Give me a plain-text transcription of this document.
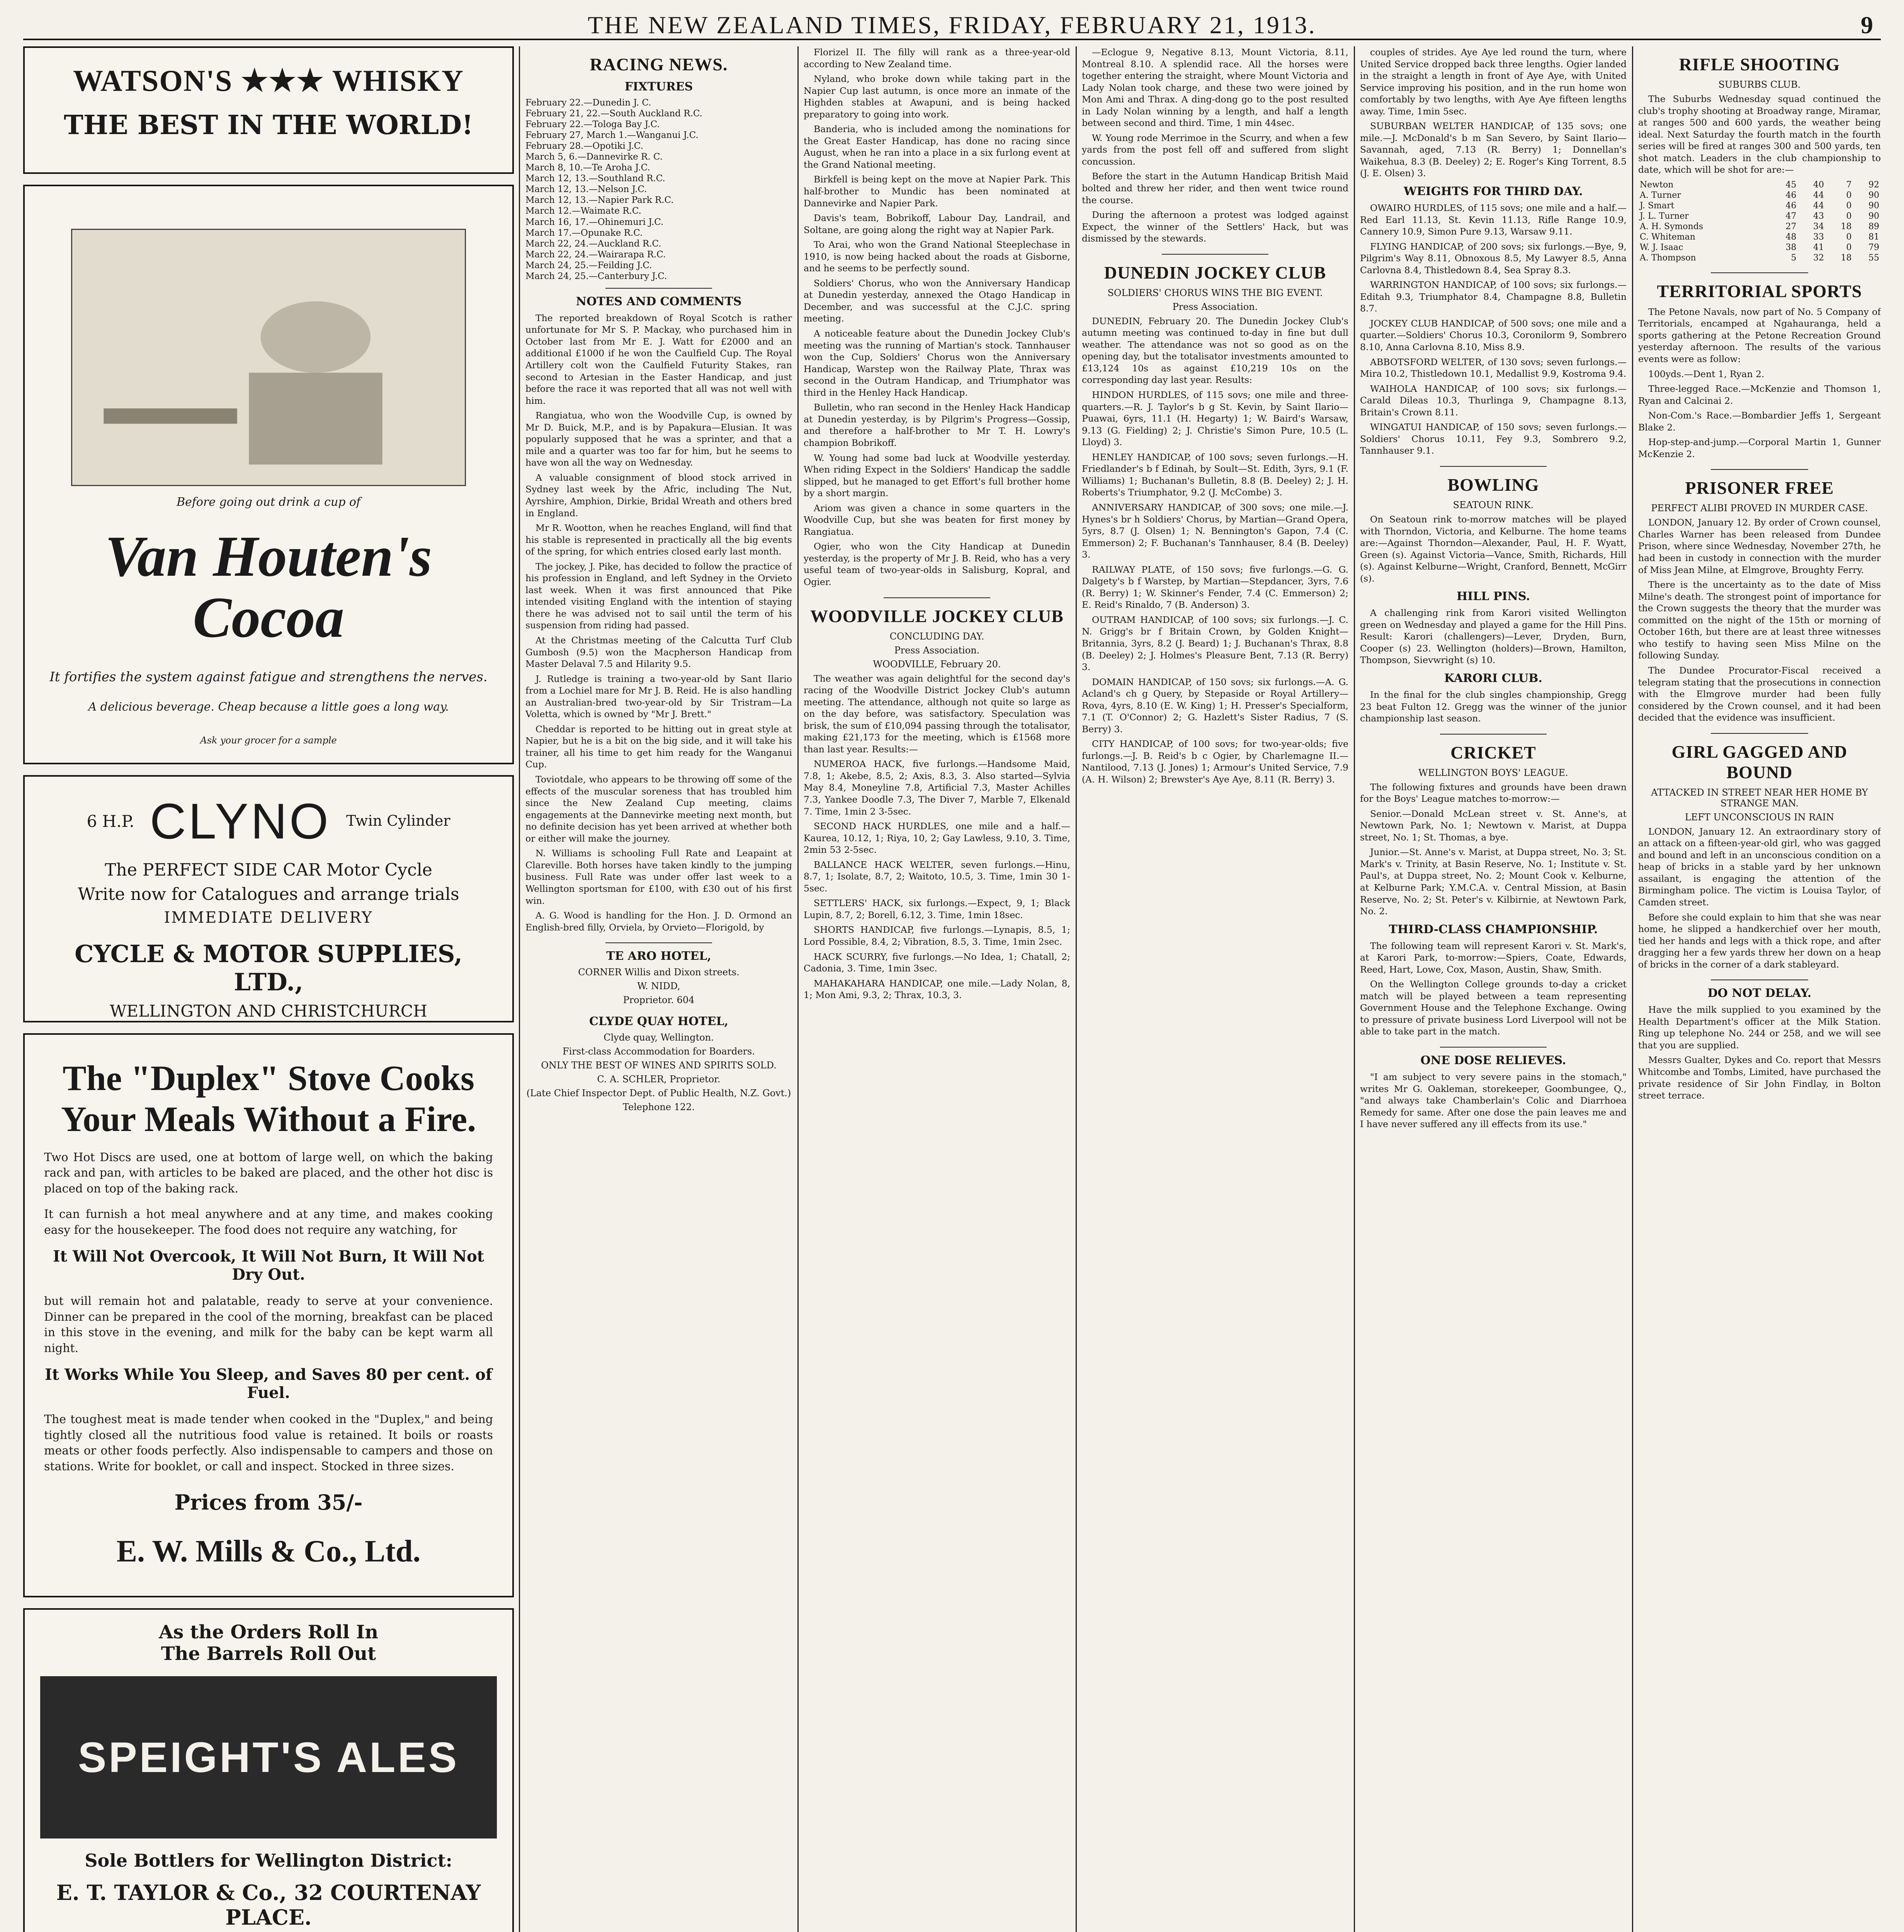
THE NEW ZEALAND TIMES, FRIDAY, FEBRUARY 21, 1913.	9
WATSON'S ★★★ WHISKY
THE BEST IN THE WORLD!
Before going out drink a cup of
Van Houten's Cocoa
It fortifies the system against fatigue and strengthens the nerves.
A delicious beverage. Cheap because a little goes a long way.
Ask your grocer for a sample
6 H.P. CLYNO Twin Cylinder
The PERFECT SIDE CAR Motor Cycle
Write now for Catalogues and arrange trials
IMMEDIATE DELIVERY
CYCLE & MOTOR SUPPLIES, LTD.,
WELLINGTON AND CHRISTCHURCH
The "Duplex" Stove Cooks Your Meals Without a Fire.

Two Hot Discs are used, one at bottom of large well, on which the baking rack and pan, with articles to be baked are placed, and the other hot disc is placed on top of the baking rack.

It can furnish a hot meal anywhere and at any time, and makes cooking easy for the housekeeper. The food does not require any watching, for

It Will Not Overcook, It Will Not Burn, It Will Not Dry Out.

but will remain hot and palatable, ready to serve at your convenience. Dinner can be prepared in the cool of the morning, breakfast can be placed in this stove in the evening, and milk for the baby can be kept warm all night.

It Works While You Sleep, and Saves 80 per cent. of Fuel.

The toughest meat is made tender when cooked in the "Duplex," and being tightly closed all the nutritious food value is retained. It boils or roasts meats or other foods perfectly. Also indispensable to campers and those on stations. Write for booklet, or call and inspect. Stocked in three sizes.

Prices from 35/-
E. W. Mills & Co., Ltd.
As the Orders Roll In
The Barrels Roll Out
SPEIGHT'S ALES
Sole Bottlers for Wellington District:
E. T. TAYLOR & Co., 32 COURTENAY PLACE.
RACING NEWS.
FIXTURES
February 22.—Dunedin J. C.
February 21, 22.—South Auckland R.C.
February 22.—Tologa Bay J.C.
February 27, March 1.—Wanganui J.C.
February 28.—Opotiki J.C.
March 5, 6.—Dannevirke R. C.
March 8, 10.—Te Aroha J.C.
March 12, 13.—Southland R.C.
March 12, 13.—Nelson J.C.
March 12, 13.—Napier Park R.C.
March 12.—Waimate R.C.
March 16, 17.—Ohinemuri J.C.
March 17.—Opunake R.C.
March 22, 24.—Auckland R.C.
March 22, 24.—Wairarapa R.C.
March 24, 25.—Feilding J.C.
March 24, 25.—Canterbury J.C.
NOTES AND COMMENTS

The reported breakdown of Royal Scotch is rather unfortunate for Mr S. P. Mackay, who purchased him in October last from Mr E. J. Watt for £2000 and an additional £1000 if he won the Caulfield Cup. The Royal Artillery colt won the Caulfield Futurity Stakes, ran second to Artesian in the Easter Handicap, and just before the race it was reported that all was not well with him.

Rangiatua, who won the Woodville Cup, is owned by Mr D. Buick, M.P., and is by Papakura—Elusian. It was popularly supposed that he was a sprinter, and that a mile and a quarter was too far for him, but he seems to have won all the way on Wednesday.

A valuable consignment of blood stock arrived in Sydney last week by the Afric, including The Nut, Ayrshire, Amphion, Dirkie, Bridal Wreath and others bred in England.

Mr R. Wootton, when he reaches England, will find that his stable is represented in practically all the big events of the spring, for which entries closed early last month.

The jockey, J. Pike, has decided to follow the practice of his profession in England, and left Sydney in the Orvieto last week. When it was first announced that Pike intended visiting England with the intention of staying there he was advised not to sail until the term of his suspension from riding had passed.

At the Christmas meeting of the Calcutta Turf Club Gumbosh (9.5) won the Macpherson Handicap from Master Delaval 7.5 and Hilarity 9.5.

J. Rutledge is training a two-year-old by Sant Ilario from a Lochiel mare for Mr J. B. Reid. He is also handling an Australian-bred two-year-old by Sir Tristram—La Voletta, which is owned by "Mr J. Brett."

Cheddar is reported to be hitting out in great style at Napier, but he is a bit on the big side, and it will take his trainer, all his time to get him ready for the Wanganui Cup.

Toviotdale, who appears to be throwing off some of the effects of the muscular soreness that has troubled him since the New Zealand Cup meeting, claims engagements at the Dannevirke meeting next month, but no definite decision has yet been arrived at whether both or either will make the journey.

N. Williams is schooling Full Rate and Leapaint at Clareville. Both horses have taken kindly to the jumping business. Full Rate was under offer last week to a Wellington sportsman for £100, with £30 out of his first win.

A. G. Wood is handling for the Hon. J. D. Ormond an English-bred filly, Orviela, by Orvieto—Florigold, by

TE ARO HOTEL,
CORNER Willis and Dixon streets.
W. NIDD,
Proprietor. 604
CLYDE QUAY HOTEL,
Clyde quay, Wellington.
First-class Accommodation for Boarders.
ONLY THE BEST OF WINES AND SPIRITS SOLD.
C. A. SCHLER, Proprietor.
(Late Chief Inspector Dept. of Public Health, N.Z. Govt.)
Telephone 122.

Florizel II. The filly will rank as a three-year-old according to New Zealand time.

Nyland, who broke down while taking part in the Napier Cup last autumn, is once more an inmate of the Highden stables at Awapuni, and is being hacked preparatory to going into work.

Banderia, who is included among the nominations for the Great Easter Handicap, has done no racing since August, when he ran into a place in a six furlong event at the Grand National meeting.

Birkfell is being kept on the move at Napier Park. This half-brother to Mundic has been nominated at Dannevirke and Napier Park.

Davis's team, Bobrikoff, Labour Day, Landrail, and Soltane, are going along the right way at Napier Park.

To Arai, who won the Grand National Steeplechase in 1910, is now being hacked about the roads at Gisborne, and he seems to be perfectly sound.

Soldiers' Chorus, who won the Anniversary Handicap at Dunedin yesterday, annexed the Otago Handicap in December, and was successful at the C.J.C. spring meeting.

A noticeable feature about the Dunedin Jockey Club's meeting was the running of Martian's stock. Tannhauser won the Cup, Soldiers' Chorus won the Anniversary Handicap, Warstep won the Railway Plate, Thrax was second in the Outram Handicap, and Triumphator was third in the Henley Hack Handicap.

Bulletin, who ran second in the Henley Hack Handicap at Dunedin yesterday, is by Pilgrim's Progress—Gossip, and therefore a half-brother to Mr T. H. Lowry's champion Bobrikoff.

W. Young had some bad luck at Woodville yesterday. When riding Expect in the Soldiers' Handicap the saddle slipped, but he managed to get Effort's full brother home by a short margin.

Ariom was given a chance in some quarters in the Woodville Cup, but she was beaten for first money by Rangiatua.

Ogier, who won the City Handicap at Dunedin yesterday, is the property of Mr J. B. Reid, who has a very useful team of two-year-olds in Salisburg, Kopral, and Ogier.

WOODVILLE JOCKEY CLUB
CONCLUDING DAY.
Press Association.
WOODVILLE, February 20.

The weather was again delightful for the second day's racing of the Woodville District Jockey Club's autumn meeting. The attendance, although not quite so large as on the day before, was satisfactory. Speculation was brisk, the sum of £10,094 passing through the totalisator, making £21,173 for the meeting, which is £1568 more than last year. Results:—

NUMEROA HACK, five furlongs.—Handsome Maid, 7.8, 1; Akebe, 8.5, 2; Axis, 8.3, 3. Also started—Sylvia May 8.4, Moneyline 7.8, Artificial 7.3, Master Achilles 7.3, Yankee Doodle 7.3, The Diver 7, Marble 7, Elkenald 7. Time, 1min 2 3-5sec.

SECOND HACK HURDLES, one mile and a half.—Kaurea, 10.12, 1; Riya, 10, 2; Gay Lawless, 9.10, 3. Time, 2min 53 2-5sec.

BALLANCE HACK WELTER, seven furlongs.—Hinu, 8.7, 1; Isolate, 8.7, 2; Waitoto, 10.5, 3. Time, 1min 30 1-5sec.

SETTLERS' HACK, six furlongs.—Expect, 9, 1; Black Lupin, 8.7, 2; Borell, 6.12, 3. Time, 1min 18sec.

SHORTS HANDICAP, five furlongs.—Lynapis, 8.5, 1; Lord Possible, 8.4, 2; Vibration, 8.5, 3. Time, 1min 2sec.

HACK SCURRY, five furlongs.—No Idea, 1; Chatall, 2; Cadonia, 3. Time, 1min 3sec.

MAHAKAHARA HANDICAP, one mile.—Lady Nolan, 8, 1; Mon Ami, 9.3, 2; Thrax, 10.3, 3.

—Eclogue 9, Negative 8.13, Mount Victoria, 8.11, Montreal 8.10. A splendid race. All the horses were together entering the straight, where Mount Victoria and Lady Nolan took charge, and these two were joined by Mon Ami and Thrax. A ding-dong go to the post resulted in Lady Nolan winning by a length, and half a length between second and third. Time, 1 min 44sec.

W. Young rode Merrimoe in the Scurry, and when a few yards from the post fell off and suffered from slight concussion.

Before the start in the Autumn Handicap British Maid bolted and threw her rider, and then went twice round the course.

During the afternoon a protest was lodged against Expect, the winner of the Settlers' Hack, but was dismissed by the stewards.

DUNEDIN JOCKEY CLUB
SOLDIERS' CHORUS WINS THE BIG EVENT.
Press Association.

DUNEDIN, February 20. The Dunedin Jockey Club's autumn meeting was continued to-day in fine but dull weather. The attendance was not so good as on the opening day, but the totalisator investments amounted to £13,124 10s as against £10,219 10s on the corresponding day last year. Results:

HINDON HURDLES, of 115 sovs; one mile and three-quarters.—R. J. Taylor's b g St. Kevin, by Saint Ilario—Puawai, 6yrs, 11.1 (H. Hegarty) 1; W. Baird's Warsaw, 9.13 (G. Fielding) 2; J. Christie's Simon Pure, 10.5 (L. Lloyd) 3.

HENLEY HANDICAP, of 100 sovs; seven furlongs.—H. Friedlander's b f Edinah, by Soult—St. Edith, 3yrs, 9.1 (F. Williams) 1; Buchanan's Bulletin, 8.8 (B. Deeley) 2; J. H. Roberts's Triumphator, 9.2 (J. McCombe) 3.

ANNIVERSARY HANDICAP, of 300 sovs; one mile.—J. Hynes's br h Soldiers' Chorus, by Martian—Grand Opera, 5yrs, 8.7 (J. Olsen) 1; N. Bennington's Gapon, 7.4 (C. Emmerson) 2; F. Buchanan's Tannhauser, 8.4 (B. Deeley) 3.

RAILWAY PLATE, of 150 sovs; five furlongs.—G. G. Dalgety's b f Warstep, by Martian—Stepdancer, 3yrs, 7.6 (R. Berry) 1; W. Skinner's Fender, 7.4 (C. Emmerson) 2; E. Reid's Rinaldo, 7 (B. Anderson) 3.

OUTRAM HANDICAP, of 100 sovs; six furlongs.—J. C. N. Grigg's br f Britain Crown, by Golden Knight—Britannia, 3yrs, 8.2 (J. Beard) 1; J. Buchanan's Thrax, 8.8 (B. Deeley) 2; J. Holmes's Pleasure Bent, 7.13 (R. Berry) 3.

DOMAIN HANDICAP, of 150 sovs; six furlongs.—A. G. Acland's ch g Query, by Stepaside or Royal Artillery—Rova, 4yrs, 8.10 (E. W. King) 1; H. Presser's Specialform, 7.1 (T. O'Connor) 2; G. Hazlett's Sister Radius, 7 (S. Berry) 3.

CITY HANDICAP, of 100 sovs; for two-year-olds; five furlongs.—J. B. Reid's b c Ogier, by Charlemagne II.—Nantilood, 7.13 (J. Jones) 1; Armour's United Service, 7.9 (A. H. Wilson) 2; Brewster's Aye Aye, 8.11 (R. Berry) 3.

couples of strides. Aye Aye led round the turn, where United Service dropped back three lengths. Ogier landed in the straight a length in front of Aye Aye, with United Service improving his position, and in the run home won comfortably by two lengths, with Aye Aye fifteen lengths away. Time, 1min 5sec.

SUBURBAN WELTER HANDICAP, of 135 sovs; one mile.—J. McDonald's b m San Severo, by Saint Ilario—Savannah, aged, 7.13 (R. Berry) 1; Donnellan's Waikehua, 8.3 (B. Deeley) 2; E. Roger's King Torrent, 8.5 (J. E. Olsen) 3.

WEIGHTS FOR THIRD DAY.

OWAIRO HURDLES, of 115 sovs; one mile and a half.—Red Earl 11.13, St. Kevin 11.13, Rifle Range 10.9, Cannery 10.9, Simon Pure 9.13, Warsaw 9.11.

FLYING HANDICAP, of 200 sovs; six furlongs.—Bye, 9, Pilgrim's Way 8.11, Obnoxous 8.5, My Lawyer 8.5, Anna Carlovna 8.4, Thistledown 8.4, Sea Spray 8.3.

WARRINGTON HANDICAP, of 100 sovs; six furlongs.—Editah 9.3, Triumphator 8.4, Champagne 8.8, Bulletin 8.7.

JOCKEY CLUB HANDICAP, of 500 sovs; one mile and a quarter.—Soldiers' Chorus 10.3, Coronilorm 9, Sombrero 8.10, Anna Carlovna 8.10, Miss 8.9.

ABBOTSFORD WELTER, of 130 sovs; seven furlongs.—Mira 10.2, Thistledown 10.1, Medallist 9.9, Kostroma 9.4.

WAIHOLA HANDICAP, of 100 sovs; six furlongs.—Carald Dileas 10.3, Thurlinga 9, Champagne 8.13, Britain's Crown 8.11.

WINGATUI HANDICAP, of 150 sovs; seven furlongs.—Soldiers' Chorus 10.11, Fey 9.3, Sombrero 9.2, Tannhauser 9.1.

BOWLING
SEATOUN RINK.

On Seatoun rink to-morrow matches will be played with Thorndon, Victoria, and Kelburne. The home teams are:—Against Thorndon—Alexander, Paul, H. F. Wyatt, Green (s). Against Victoria—Vance, Smith, Richards, Hill (s). Against Kelburne—Wright, Cranford, Bennett, McGirr (s).

HILL PINS.

A challenging rink from Karori visited Wellington green on Wednesday and played a game for the Hill Pins. Result: Karori (challengers)—Lever, Dryden, Burn, Cooper (s) 23. Wellington (holders)—Brown, Hamilton, Thompson, Sievwright (s) 10.

KARORI CLUB.

In the final for the club singles championship, Gregg 23 beat Fulton 12. Gregg was the winner of the junior championship last season.

CRICKET
WELLINGTON BOYS' LEAGUE.

The following fixtures and grounds have been drawn for the Boys' League matches to-morrow:—

Senior.—Donald McLean street v. St. Anne's, at Newtown Park, No. 1; Newtown v. Marist, at Duppa street, No. 1; St. Thomas, a bye.

Junior.—St. Anne's v. Marist, at Duppa street, No. 3; St. Mark's v. Trinity, at Basin Reserve, No. 1; Institute v. St. Paul's, at Duppa street, No. 2; Mount Cook v. Kelburne, at Kelburne Park; Y.M.C.A. v. Central Mission, at Basin Reserve, No. 2; St. Peter's v. Kilbirnie, at Newtown Park, No. 2.

THIRD-CLASS CHAMPIONSHIP.

The following team will represent Karori v. St. Mark's, at Karori Park, to-morrow:—Spiers, Coate, Edwards, Reed, Hart, Lowe, Cox, Mason, Austin, Shaw, Smith.

On the Wellington College grounds to-day a cricket match will be played between a team representing Government House and the Telephone Exchange. Owing to pressure of private business Lord Liverpool will not be able to take part in the match.

ONE DOSE RELIEVES.

"I am subject to very severe pains in the stomach," writes Mr G. Oakleman, storekeeper, Goombungee, Q., "and always take Chamberlain's Colic and Diarrhoea Remedy for same. After one dose the pain leaves me and I have never suffered any ill effects from its use."

RIFLE SHOOTING
SUBURBS CLUB.

The Suburbs Wednesday squad continued the club's trophy shooting at Broadway range, Miramar, at ranges 500 and 600 yards, the weather being ideal. Next Saturday the fourth match in the fourth series will be fired at ranges 300 and 500 yards, ten shot match. Leaders in the club championship to date, which will be shot for are:—

Newton	45	40	7	92
A. Turner	46	44	0	90
J. Smart	46	44	0	90
J. L. Turner	47	43	0	90
A. H. Symonds	27	34	18	89
C. Whiteman	48	33	0	81
W. J. Isaac	38	41	0	79
A. Thompson	5	32	18	55
TERRITORIAL SPORTS

The Petone Navals, now part of No. 5 Company of Territorials, encamped at Ngahauranga, held a sports gathering at the Petone Recreation Ground yesterday afternoon. The results of the various events were as follow:

100yds.—Dent 1, Ryan 2.

Three-legged Race.—McKenzie and Thomson 1, Ryan and Calcinai 2.

Non-Com.'s Race.—Bombardier Jeffs 1, Sergeant Blake 2.

Hop-step-and-jump.—Corporal Martin 1, Gunner McKenzie 2.

PRISONER FREE
PERFECT ALIBI PROVED IN MURDER CASE.

LONDON, January 12. By order of Crown counsel, Charles Warner has been released from Dundee Prison, where since Wednesday, November 27th, he had been in custody in connection with the murder of Miss Jean Milne, at Elmgrove, Broughty Ferry.

There is the uncertainty as to the date of Miss Milne's death. The strongest point of importance for the Crown suggests the theory that the murder was committed on the night of the 15th or morning of October 16th, but there are at least three witnesses who testify to having seen Miss Milne on the following Sunday.

The Dundee Procurator-Fiscal received a telegram stating that the prosecutions in connection with the Elmgrove murder had been fully considered by the Crown counsel, and it had been decided that the evidence was insufficient.

GIRL GAGGED AND BOUND
ATTACKED IN STREET NEAR HER HOME BY STRANGE MAN.
LEFT UNCONSCIOUS IN RAIN

LONDON, January 12. An extraordinary story of an attack on a fifteen-year-old girl, who was gagged and bound and left in an unconscious condition on a heap of bricks in a stable yard by her unknown assailant, is engaging the attention of the Birmingham police. The victim is Louisa Taylor, of Camden street.

Before she could explain to him that she was near home, he slipped a handkerchief over her mouth, tied her hands and legs with a thick rope, and after dragging her a few yards threw her down on a heap of bricks in the corner of a dark stableyard.

DO NOT DELAY.

Have the milk supplied to you examined by the Health Department's officer at the Milk Station. Ring up telephone No. 244 or 258, and we will see that you are supplied.

Messrs Gualter, Dykes and Co. report that Messrs Whitcombe and Tombs, Limited, have purchased the private residence of Sir John Findlay, in Bolton street terrace.
